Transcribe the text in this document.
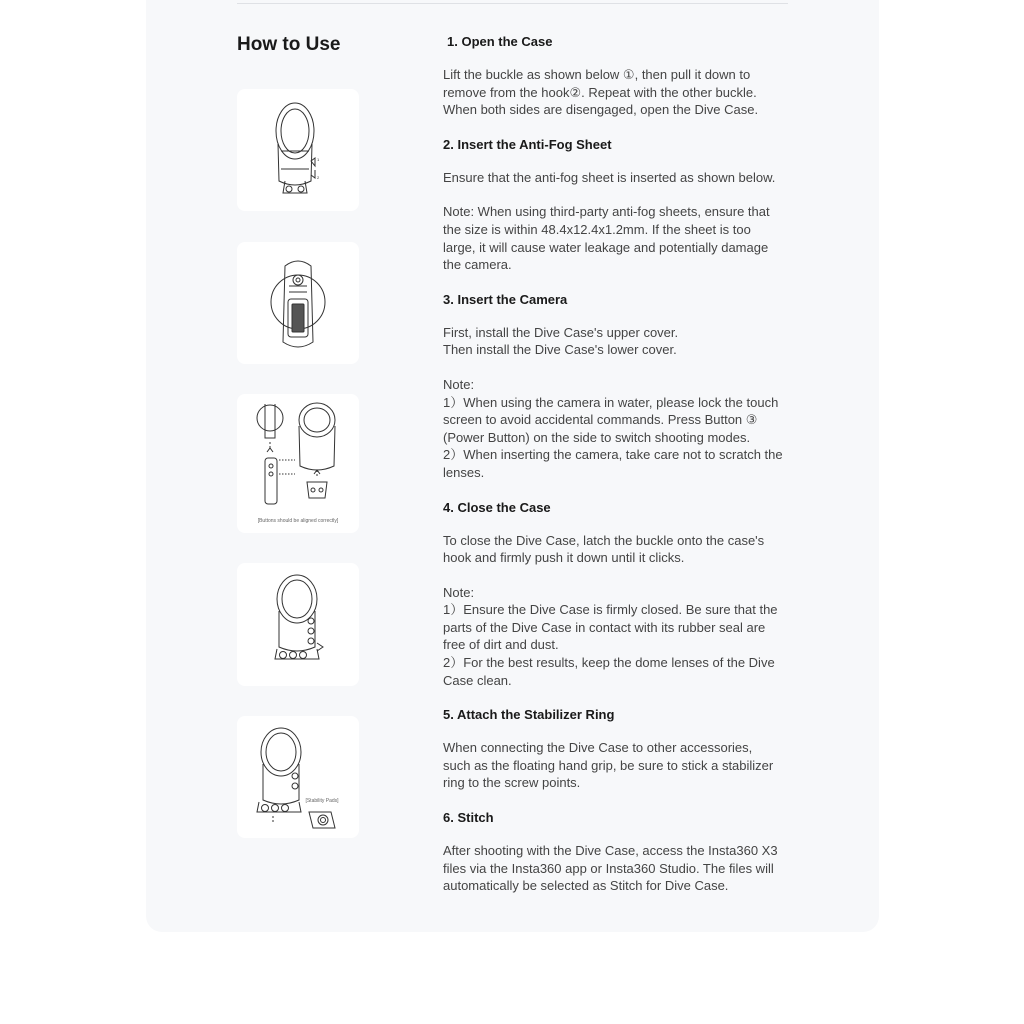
How to Use
1
2
[Buttons should be aligned correctly]
[Stability Pads]
1. Open the Case

Lift the buckle as shown below ①, then pull it down to remove from the hook②. Repeat with the other buckle. When both sides are disengaged, open the Dive Case.

2. Insert the Anti-Fog Sheet

Ensure that the anti-fog sheet is inserted as shown below.

Note: When using third-party anti-fog sheets, ensure that the size is within 48.4x12.4x1.2mm. If the sheet is too large, it will cause water leakage and potentially damage the camera.

3. Insert the Camera

First, install the Dive Case's upper cover.

Then install the Dive Case's lower cover.

Note:

1）When using the camera in water, please lock the touch screen to avoid accidental commands. Press Button ③ (Power Button) on the side to switch shooting modes.

2）When inserting the camera, take care not to scratch the lenses.

4. Close the Case

To close the Dive Case, latch the buckle onto the case's hook and firmly push it down until it clicks.

Note:

1）Ensure the Dive Case is firmly closed. Be sure that the parts of the Dive Case in contact with its rubber seal are free of dirt and dust.

2）For the best results, keep the dome lenses of the Dive Case clean.

5. Attach the Stabilizer Ring

When connecting the Dive Case to other accessories, such as the floating hand grip, be sure to stick a stabilizer ring to the screw points.

6. Stitch

After shooting with the Dive Case, access the Insta360 X3 files via the Insta360 app or Insta360 Studio. The files will automatically be selected as Stitch for Dive Case.
